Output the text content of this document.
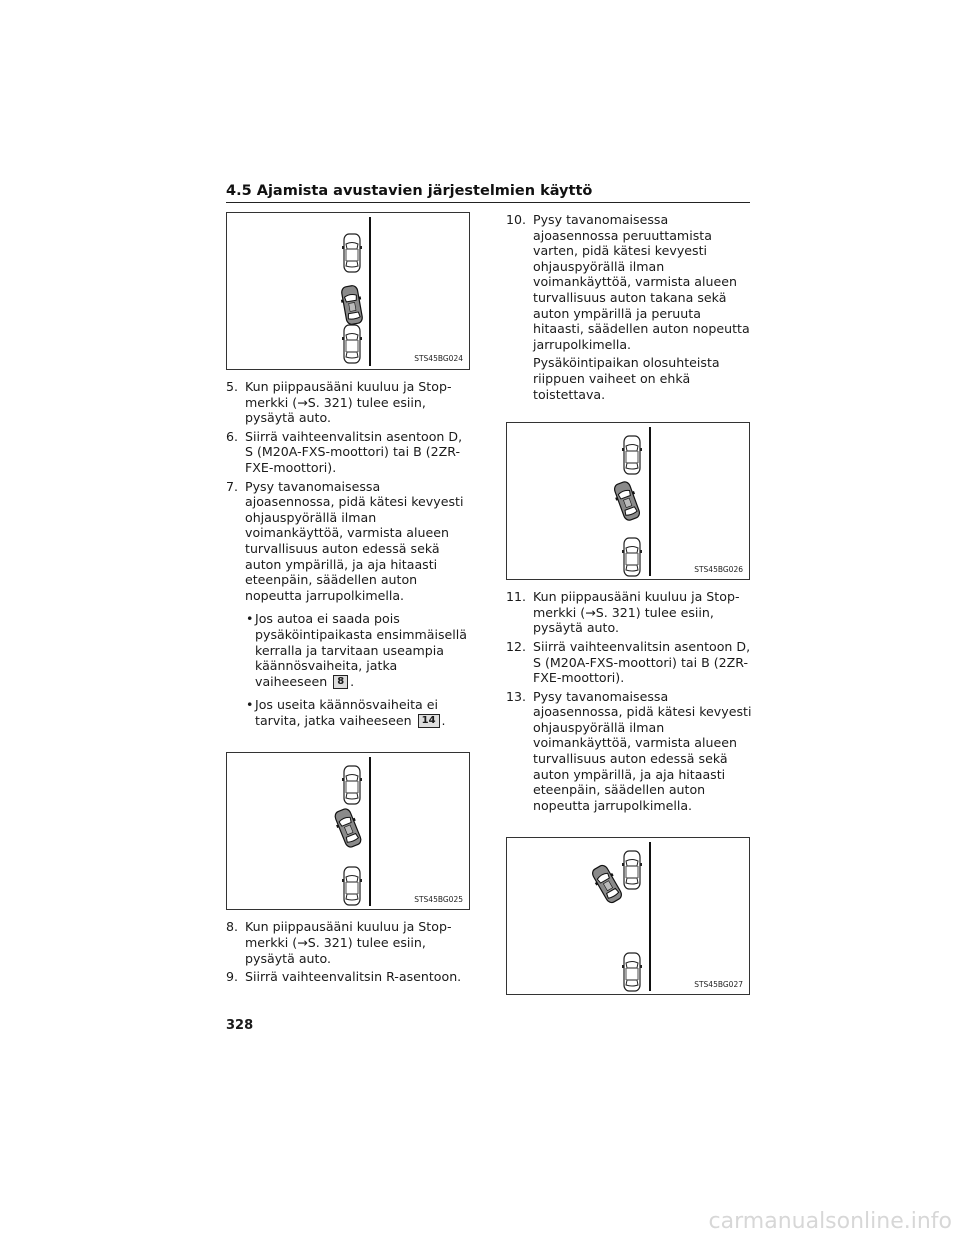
4.5 Ajamista avustavien järjestelmien käyttö
STS45BG024
5. Kun piippausääni kuuluu ja Stop-merkki (→S. 321) tulee esiin, pysäytä auto.
6. Siirrä vaihteenvalitsin asentoon D, S (M20A-FXS-moottori) tai B (2ZR-FXE-moottori).
7. Pysy tavanomaisessa ajoasennossa, pidä kätesi kevyesti ohjauspyörällä ilman voimankäyttöä, varmista alueen turvallisuus auton edessä sekä auton ympärillä, ja aja hitaasti eteenpäin, säädellen auton nopeutta jarrupolkimella.
• Jos autoa ei saada pois pysäköintipaikasta ensimmäisellä kerralla ja tarvitaan useampia käännösvaiheita, jatka vaiheeseen 8 .
• Jos useita käännösvaiheita ei tarvita, jatka vaiheeseen 14 .
STS45BG025
8. Kun piippausääni kuuluu ja Stop-merkki (→S. 321) tulee esiin, pysäytä auto.
9. Siirrä vaihteenvalitsin R-asentoon.
10. Pysy tavanomaisessa ajoasennossa peruuttamista varten, pidä kätesi kevyesti ohjauspyörällä ilman voimankäyttöä, varmista alueen turvallisuus auton takana sekä auton ympärillä ja peruuta hitaasti, säädellen auton nopeutta jarrupolkimella.
Pysäköintipaikan olosuhteista riippuen vaiheet on ehkä toistettava.
STS45BG026
11. Kun piippausääni kuuluu ja Stop-merkki (→S. 321) tulee esiin, pysäytä auto.
12. Siirrä vaihteenvalitsin asentoon D, S (M20A-FXS-moottori) tai B (2ZR-FXE-moottori).
13. Pysy tavanomaisessa ajoasennossa, pidä kätesi kevyesti ohjauspyörällä ilman voimankäyttöä, varmista alueen turvallisuus auton edessä sekä auton ympärillä, ja aja hitaasti eteenpäin, säädellen auton nopeutta jarrupolkimella.
STS45BG027
328
carmanualsonline.info
